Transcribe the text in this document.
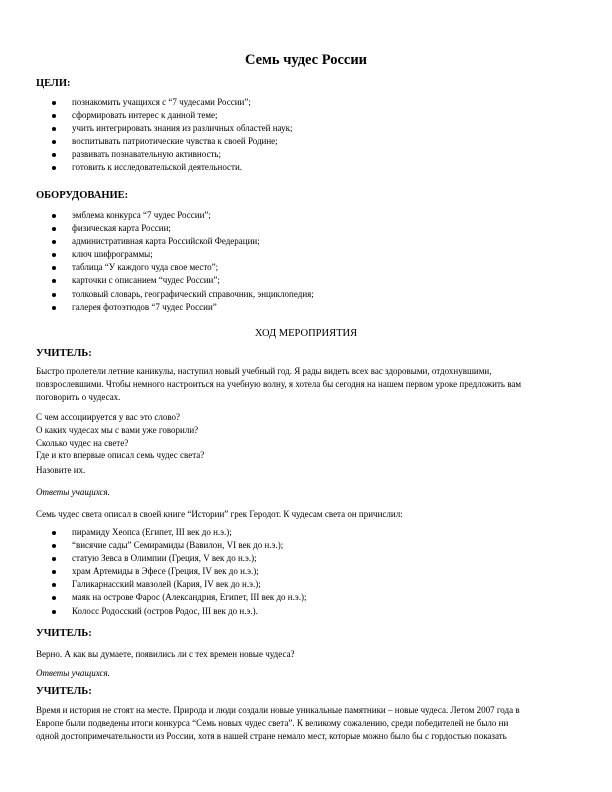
Семь чудес России
ЦЕЛИ:
познакомить учащихся с “7 чудесами России”;
сформировать интерес к данной теме;
учить интегрировать знания из различных областей наук;
воспитывать патриотические чувства к своей Родине;
развивать познавательную активность;
готовить к исследовательской деятельности.
ОБОРУДОВАНИЕ:
эмблема конкурса “7 чудес России”;
физическая карта России;
административная карта Российской Федерации;
ключ шифрограммы;
таблица “У каждого чуда свое место”;
карточки с описанием “чудес России”;
толковый словарь, географический справочник, энциклопедия;
галерея фотоэтюдов “7 чудес России”
ХОД МЕРОПРИЯТИЯ
УЧИТЕЛЬ:
Быстро пролетели летние каникулы, наступил новый учебный год. Я рады видеть всех вас здоровыми, отдохнувшими,
повзрослевшими. Чтобы немного настроиться на учебную волну, я хотела бы сегодня на нашем первом уроке предложить вам
поговорить о чудесах.
С чем ассоциируется у вас это слово?
О каких чудесах мы с вами уже говорили?
Сколько чудес на свете?
Где и кто впервые описал семь чудес света?
Назовите их.
Ответы учащихся.
Семь чудес света описал в своей книге “Истории” грек Геродот. К чудесам света он причислил:
пирамиду Хеопса (Египет, III век до н.э.);
“висячие сады” Семирамиды (Вавилон, VI век до н.э.);
статую Зевса в Олимпии (Греция, V век до н.э.);
храм Артемиды в Эфесе (Греция, IV век до н.э.);
Галикарнасский мавзолей (Кария, IV век до н.э.);
маяк на острове Фарос (Александрия, Египет, III век до н.э.);
Колосс Родосский (остров Родос, III век до н.э.).
УЧИТЕЛЬ:
Верно. А как вы думаете, появились ли с тех времен новые чудеса?
Ответы учащихся.
УЧИТЕЛЬ:
Время и история не стоят на месте. Природа и люди создали новые уникальные памятники – новые чудеса. Летом 2007 года в
Европе были подведены итоги конкурса “Семь новых чудес света”. К великому сожалению, среди победителей не было ни
одной достопримечательности из России, хотя в нашей стране немало мест, которые можно было бы с гордостью показать
